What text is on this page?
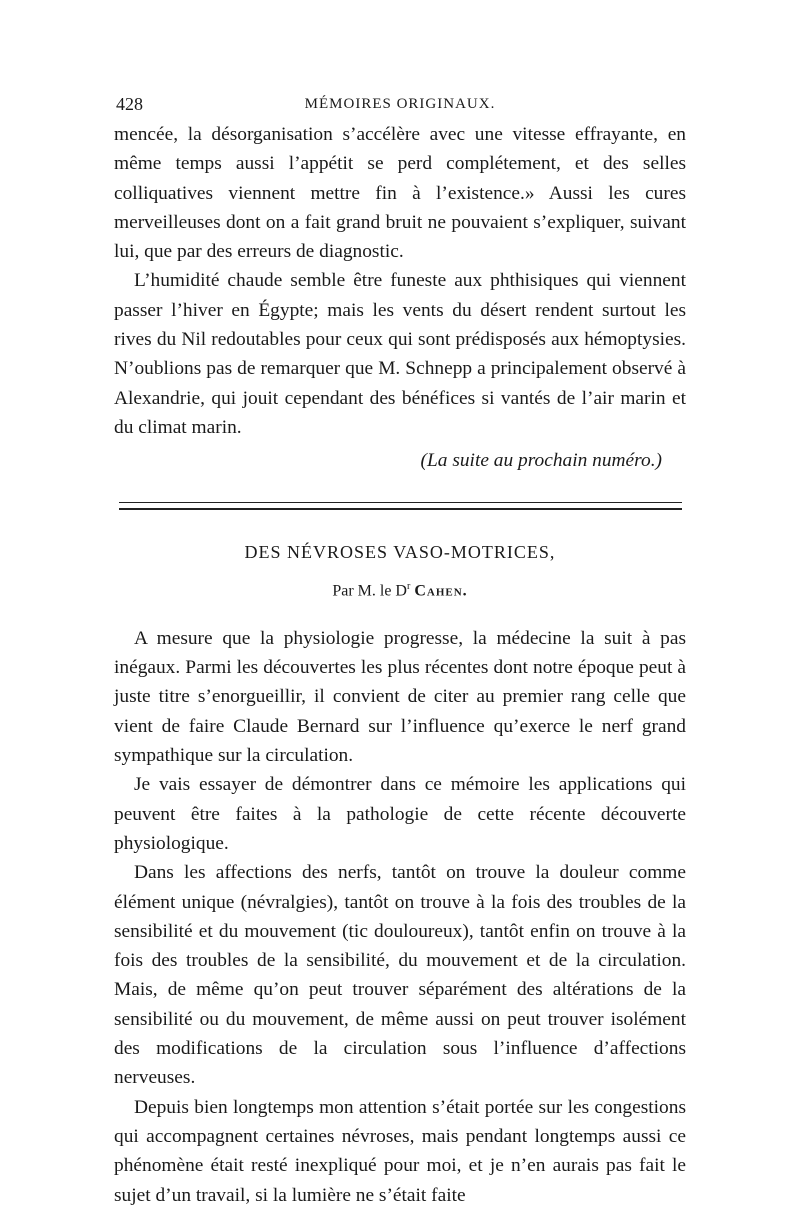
428	MÉMOIRES ORIGINAUX.

mencée, la désorganisation s’accélère avec une vitesse effrayante, en même temps aussi l’appétit se perd complétement, et des selles colliquatives viennent mettre fin à l’existence.» Aussi les cures merveilleuses dont on a fait grand bruit ne pouvaient s’expliquer, suivant lui, que par des erreurs de diagnostic.

L’humidité chaude semble être funeste aux phthisiques qui viennent passer l’hiver en Égypte; mais les vents du désert rendent surtout les rives du Nil redoutables pour ceux qui sont prédisposés aux hémoptysies. N’oublions pas de remarquer que M. Schnepp a principalement observé à Alexandrie, qui jouit cependant des bénéfices si vantés de l’air marin et du climat marin.

(La suite au prochain numéro.)
DES NÉVROSES VASO-MOTRICES,
Par M. le $D^r$ Cahen.

A mesure que la physiologie progresse, la médecine la suit à pas inégaux. Parmi les découvertes les plus récentes dont notre époque peut à juste titre s’enorgueillir, il convient de citer au premier rang celle que vient de faire Claude Bernard sur l’influence qu’exerce le nerf grand sympathique sur la circulation.

Je vais essayer de démontrer dans ce mémoire les applications qui peuvent être faites à la pathologie de cette récente découverte physiologique.

Dans les affections des nerfs, tantôt on trouve la douleur comme élément unique (névralgies), tantôt on trouve à la fois des troubles de la sensibilité et du mouvement (tic douloureux), tantôt enfin on trouve à la fois des troubles de la sensibilité, du mouvement et de la circulation. Mais, de même qu’on peut trouver séparément des altérations de la sensibilité ou du mouvement, de même aussi on peut trouver isolément des modifications de la circulation sous l’influence d’affections nerveuses.

Depuis bien longtemps mon attention s’était portée sur les congestions qui accompagnent certaines névroses, mais pendant longtemps aussi ce phénomène était resté inexpliqué pour moi, et je n’en aurais pas fait le sujet d’un travail, si la lumière ne s’était faite
